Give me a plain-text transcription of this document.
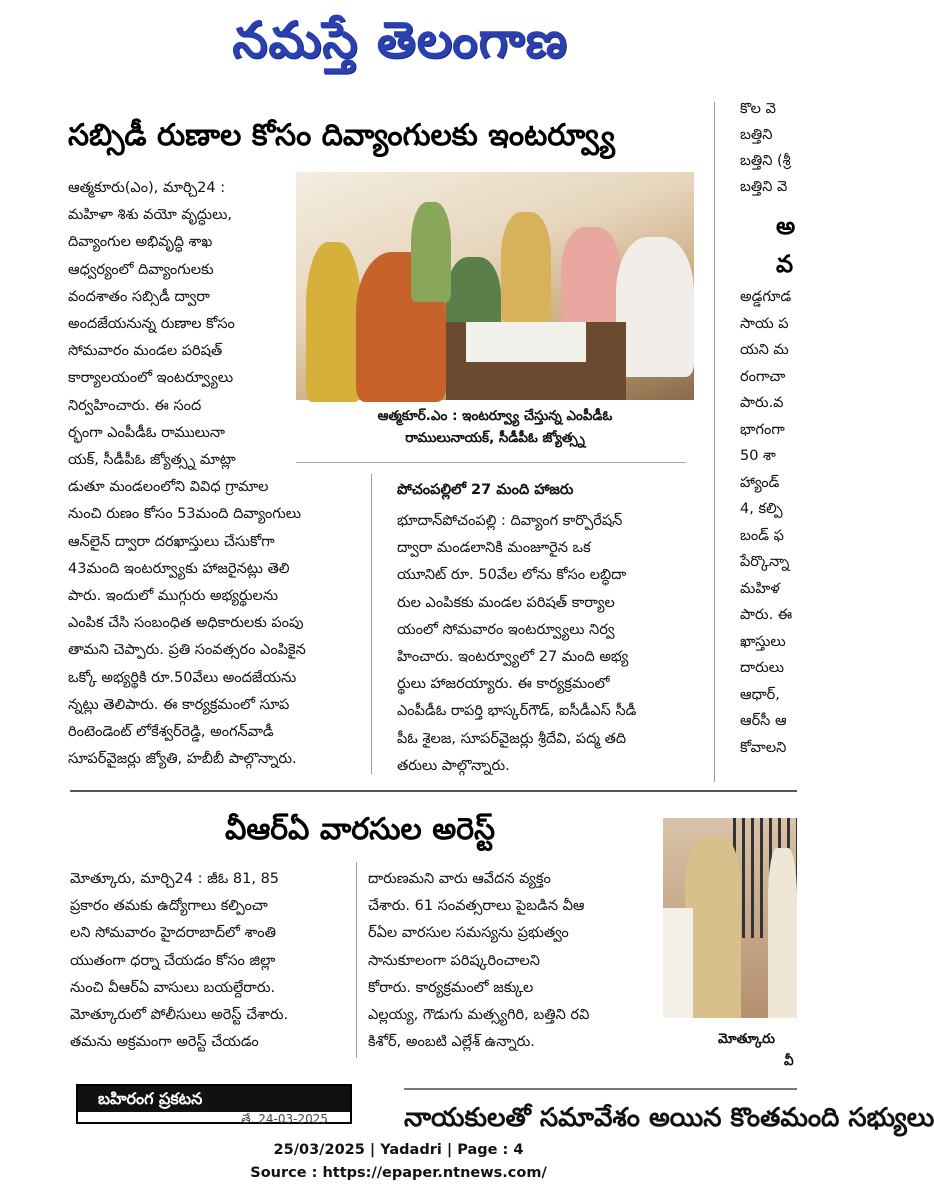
నమస్తే తెలంగాణ
సబ్సిడీ రుణాల కోసం దివ్యాంగులకు ఇంటర్వ్యూ

ఆత్మకూరు(ఎం), మార్చి24 :

మహిళా శిశు వయో వృద్ధులు,

దివ్యాంగుల అభివృద్ధి శాఖ

ఆధ్వర్యంలో దివ్యాంగులకు

వందశాతం సబ్సిడీ ద్వారా

అందజేయనున్న రుణాల కోసం

సోమవారం మండల పరిషత్

కార్యాలయంలో ఇంటర్వ్యూలు

నిర్వహించారు. ఈ సంద

ర్భంగా ఎంపీడీఓ రాములునా

యక్, సీడీపీఓ జ్యోత్స్న మాట్లా

డుతూ మండలంలోని వివిధ గ్రామాల

నుంచి రుణం కోసం 53మంది దివ్యాంగులు

ఆన్‌లైన్ ద్వారా దరఖాస్తులు చేసుకోగా

43మంది ఇంటర్వ్యూకు హాజరైనట్లు తెలి

పారు. ఇందులో ముగ్గురు అభ్యర్థులను

ఎంపిక చేసి సంబంధిత అధికారులకు పంపు

తామని చెప్పారు. ప్రతి సంవత్సరం ఎంపికైన

ఒక్కో అభ్యర్థికి రూ.50వేలు అందజేయను

న్నట్లు తెలిపారు. ఈ కార్యక్రమంలో సూప

రింటెండెంట్ లోకేశ్వర్‌రెడ్డి, అంగన్‌వాడీ

సూపర్‌వైజర్లు జ్యోతి, హబీబీ పాల్గొన్నారు.

ఆత్మకూర్.ఎం : ఇంటర్వ్యూ చేస్తున్న ఎంపీడీఓ
రాములునాయక్, సీడీపీఓ జ్యోత్స్న
పోచంపల్లిలో 27 మంది హాజరు

భూదాన్‌పోచంపల్లి : దివ్యాంగ కార్పొరేషన్

ద్వారా మండలానికి మంజూరైన ఒక

యూనిట్ రూ. 50వేల లోను కోసం లబ్ధిదా

రుల ఎంపికకు మండల పరిషత్ కార్యాల

యంలో సోమవారం ఇంటర్వ్యూలు నిర్వ

హించారు. ఇంటర్వ్యూలో 27 మంది అభ్య

ర్థులు హాజరయ్యారు. ఈ కార్యక్రమంలో

ఎంపీడీఓ రాపర్తి భాస్కర్‌గౌడ్, ఐసీడీఎస్ సీడీ

పీఓ శైలజ, సూపర్‌వైజర్లు శ్రీదేవి, పద్మ తది

తరులు పాల్గొన్నారు.

కొల వె

బత్తిని

బత్తిని (శ్రీ

బత్తిని వె

అ
వ

అడ్డగూడ

సాయ ప

యని మ

రంగాచా

పారు.వ

భాగంగా

50 శా

హ్యాండ్

4, కల్పి

బండ్ ఫ

పేర్కొన్నా

మహిళ

పారు. ఈ

ఖాస్తులు

దారులు

ఆధార్,

ఆర్‌సీ ఆ

కోవాలని

వీఆర్‌ఏ వారసుల అరెస్ట్

మోత్కూరు, మార్చి24 : జీఓ 81, 85

ప్రకారం తమకు ఉద్యోగాలు కల్పించా

లని సోమవారం హైదరాబాద్‌లో శాంతి

యుతంగా ధర్నా చేయడం కోసం జిల్లా

నుంచి వీఆర్‌ఏ వాసులు బయల్దేరారు.

మోత్కూరులో పోలీసులు అరెస్ట్ చేశారు.

తమను అక్రమంగా అరెస్ట్ చేయడం

దారుణమని వారు ఆవేదన వ్యక్తం

చేశారు. 61 సంవత్సరాలు పైబడిన వీఆ

ర్‌ఏల వారసుల సమస్యను ప్రభుత్వం

సానుకూలంగా పరిష్కరించాలని

కోరారు. కార్యక్రమంలో జక్కుల

ఎల్లయ్య, గౌడుగు మత్స్యగిరి, బత్తిని రవి

కిశోర్, అంబటి ఎల్లేశ్ ఉన్నారు.	మోత్కూరు
వీ
బహిరంగ ప్రకటన
తే. 24-03-2025	నాయకులతో సమావేశం అయిన కొంతమంది సభ్యులు
25/03/2025 | Yadadri | Page : 4
Source : https://epaper.ntnews.com/
